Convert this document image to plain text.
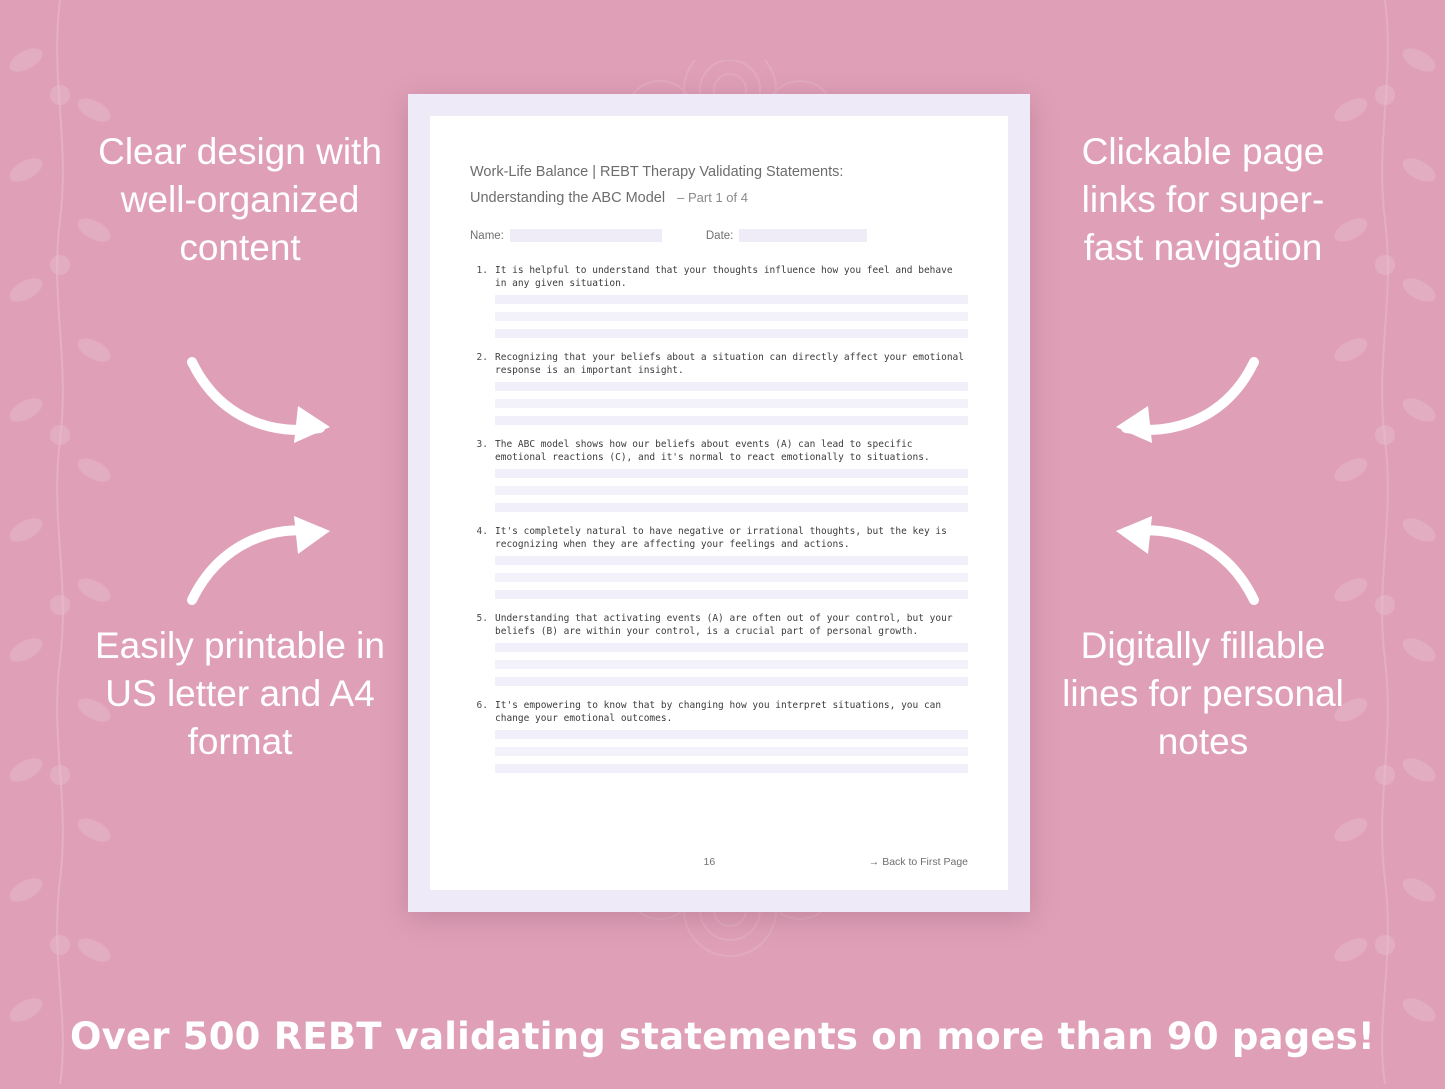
Clear design with well-organized content
Easily printable in US letter and A4 format
Clickable page links for super-fast navigation
Digitally fillable lines for personal notes
Work-Life Balance | REBT Therapy Validating Statements:
Understanding the ABC Model – Part 1 of 4
Name:	Date:
1. It is helpful to understand that your thoughts influence how you feel and behave in any given situation.
2. Recognizing that your beliefs about a situation can directly affect your emotional response is an important insight.
3. The ABC model shows how our beliefs about events (A) can lead to specific emotional reactions (C), and it's normal to react emotionally to situations.
4. It's completely natural to have negative or irrational thoughts, but the key is recognizing when they are affecting your feelings and actions.
5. Understanding that activating events (A) are often out of your control, but your beliefs (B) are within your control, is a crucial part of personal growth.
6. It's empowering to know that by changing how you interpret situations, you can change your emotional outcomes.
16	→ Back to First Page
Over 500 REBT validating statements on more than 90 pages!
